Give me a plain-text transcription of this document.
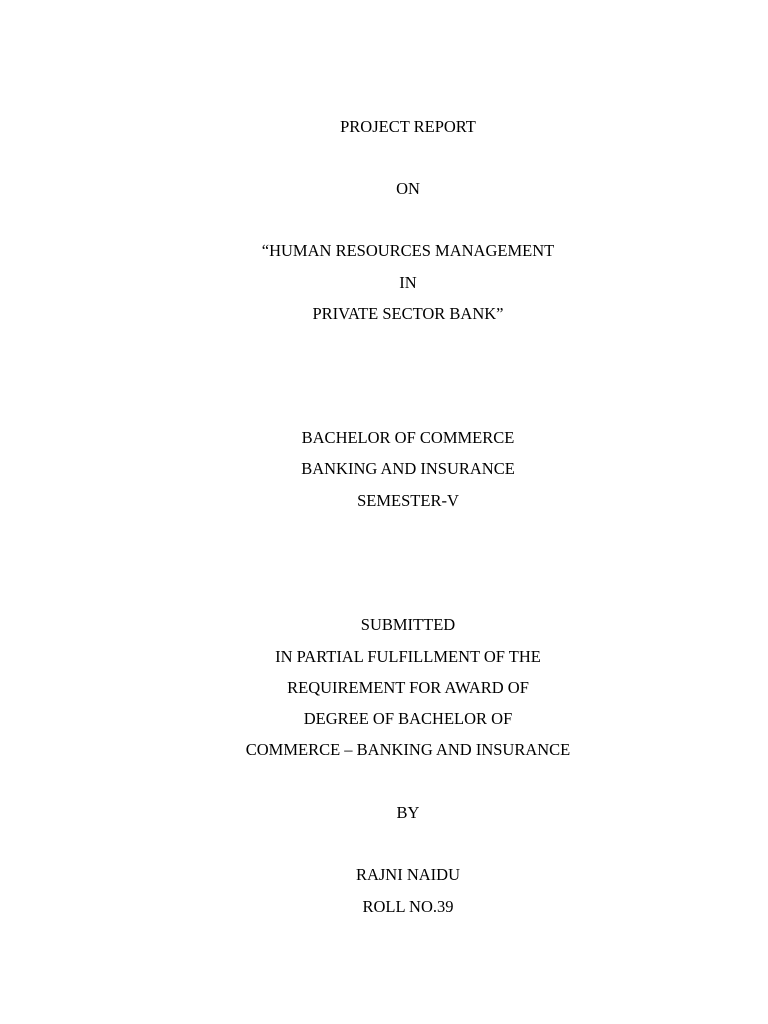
PROJECT REPORT
ON
“HUMAN RESOURCES MANAGEMENT
IN
PRIVATE SECTOR BANK”
BACHELOR OF COMMERCE
BANKING AND INSURANCE
SEMESTER-V
SUBMITTED
IN PARTIAL FULFILLMENT OF THE
REQUIREMENT FOR AWARD OF
DEGREE OF BACHELOR OF
COMMERCE – BANKING AND INSURANCE
BY
RAJNI NAIDU
ROLL NO.39
